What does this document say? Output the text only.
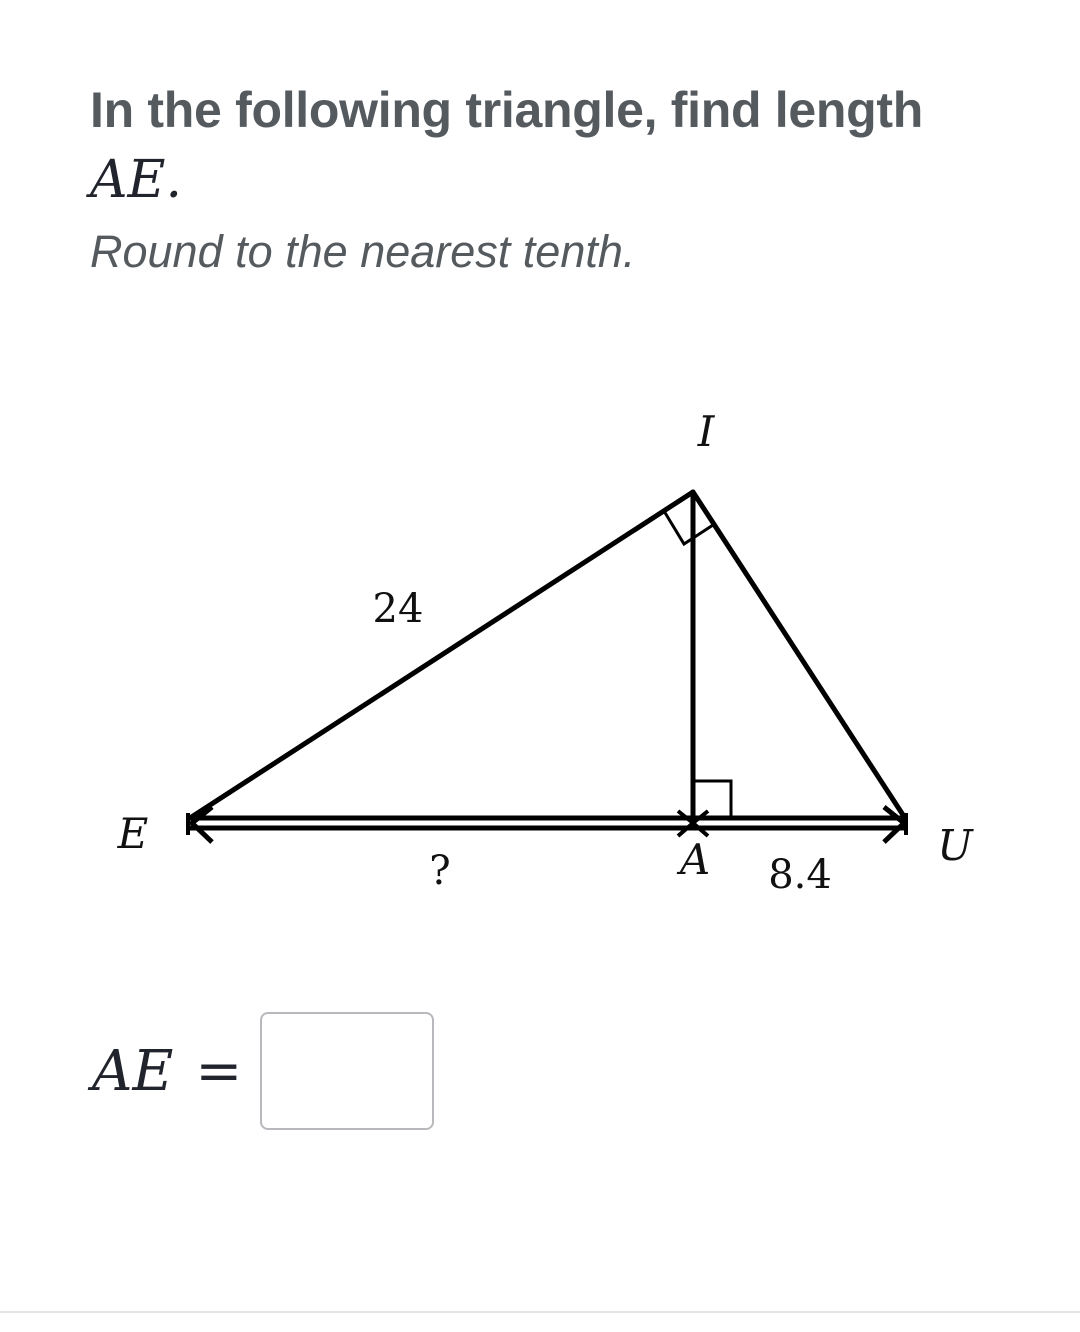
In the following triangle, find length

AE.
Round to the nearest tenth.
I
E
A	U
24
?	8.4
AE =
